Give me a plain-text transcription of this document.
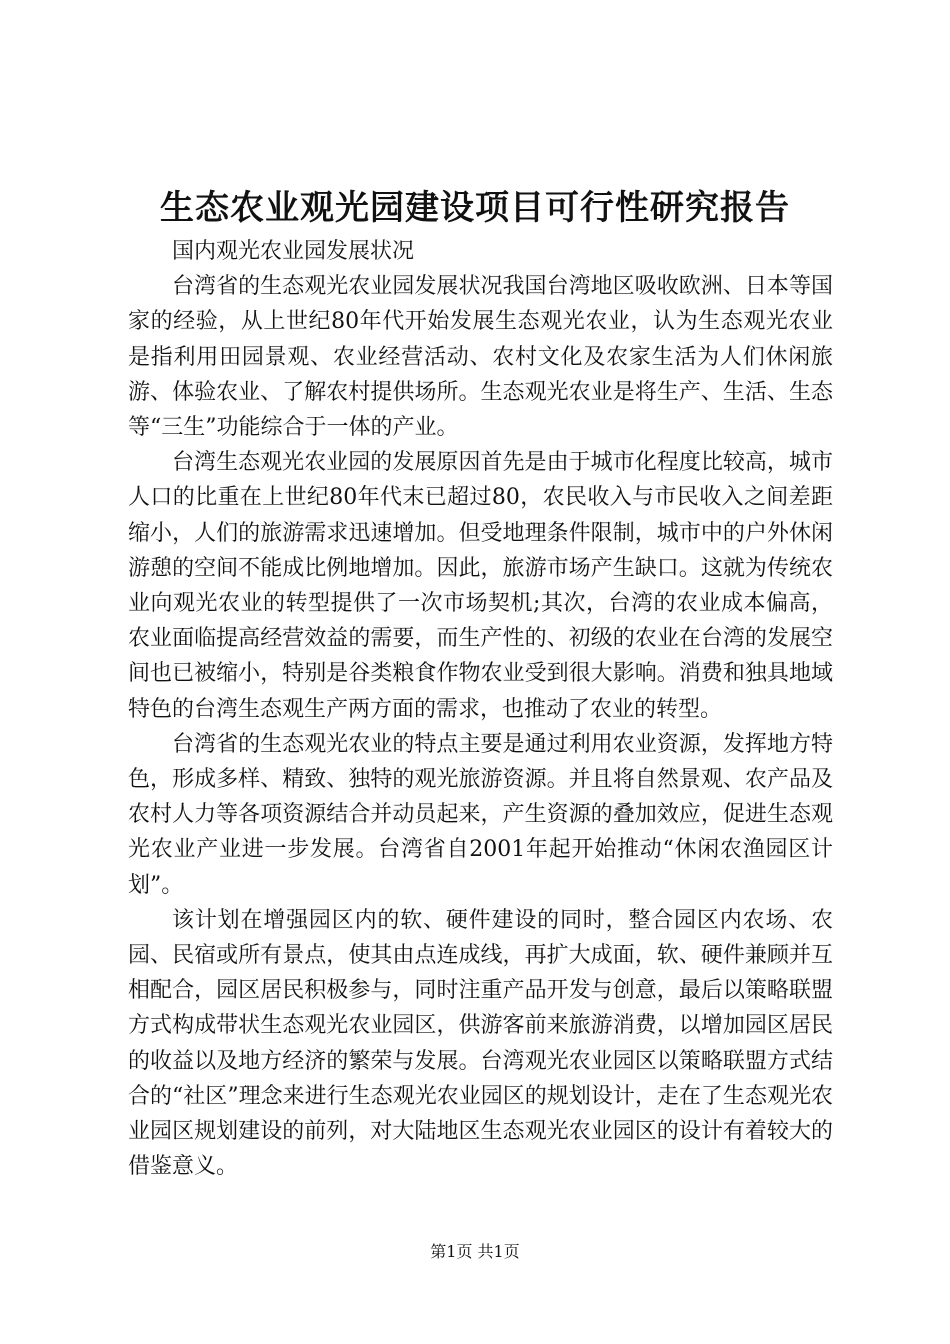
生态农业观光园建设项目可行性研究报告

国内观光农业园发展状况

台湾省的生态观光农业园发展状况我国台湾地区吸收欧洲、日本等国家的经验，从上世纪80年代开始发展生态观光农业，认为生态观光农业是指利用田园景观、农业经营活动、农村文化及农家生活为人们休闲旅游、体验农业、了解农村提供场所。生态观光农业是将生产、生活、生态等“三生”功能综合于一体的产业。

台湾生态观光农业园的发展原因首先是由于城市化程度比较高，城市人口的比重在上世纪80年代末已超过80，农民收入与市民收入之间差距缩小，人们的旅游需求迅速增加。但受地理条件限制，城市中的户外休闲游憩的空间不能成比例地增加。因此，旅游市场产生缺口。这就为传统农业向观光农业的转型提供了一次市场契机;其次，台湾的农业成本偏高，农业面临提高经营效益的需要，而生产性的、初级的农业在台湾的发展空间也已被缩小，特别是谷类粮食作物农业受到很大影响。消费和独具地域特色的台湾生态观生产两方面的需求，也推动了农业的转型。

台湾省的生态观光农业的特点主要是通过利用农业资源，发挥地方特色，形成多样、精致、独特的观光旅游资源。并且将自然景观、农产品及农村人力等各项资源结合并动员起来，产生资源的叠加效应，促进生态观光农业产业进一步发展。台湾省自2001年起开始推动“休闲农渔园区计划”。

该计划在增强园区内的软、硬件建设的同时，整合园区内农场、农园、民宿或所有景点，使其由点连成线，再扩大成面，软、硬件兼顾并互相配合，园区居民积极参与，同时注重产品开发与创意，最后以策略联盟方式构成带状生态观光农业园区，供游客前来旅游消费，以增加园区居民的收益以及地方经济的繁荣与发展。台湾观光农业园区以策略联盟方式结合的“社区”理念来进行生态观光农业园区的规划设计，走在了生态观光农业园区规划建设的前列，对大陆地区生态观光农业园区的设计有着较大的借鉴意义。

第1页 共1页
